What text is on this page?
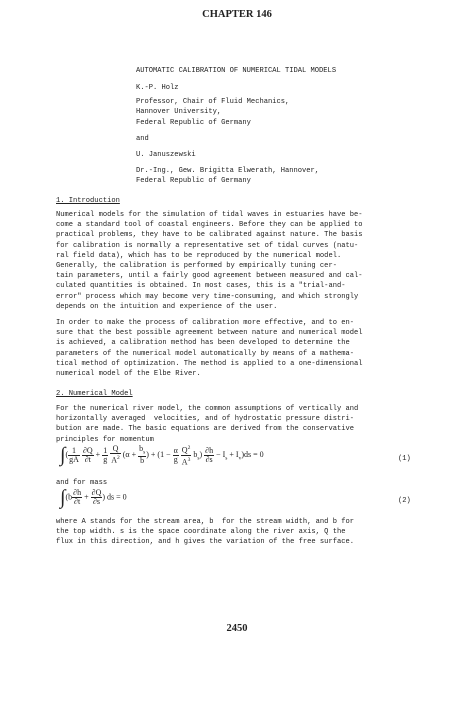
CHAPTER 146
AUTOMATIC CALIBRATION OF NUMERICAL TIDAL MODELS
K.-P. Holz
Professor, Chair of Fluid Mechanics,
Hannover University,
Federal Republic of Germany
and
U. Januszewski
Dr.-Ing., Gew. Brigitta Elwerath, Hannover,
Federal Republic of Germany
1. Introduction
Numerical models for the simulation of tidal waves in estuaries have be-
come a standard tool of coastal engineers. Before they can be applied to
practical problems, they have to be calibrated against nature. The basis
for calibration is normally a representative set of tidal curves (natu-
ral field data), which has to be reproduced by the numerical model.
Generally, the calibration is performed by empirically tuning cer-
tain parameters, until a fairly good agreement between measured and cal-
culated quantities is obtained. In most cases, this is a "trial-and-
error" process which may become very time-consuming, and which strongly
depends on the intuition and experience of the user.
In order to make the process of calibration more effective, and to en-
sure that the best possible agreement between nature and numerical model
is achieved, a calibration method has been developed to determine the
parameters of the numerical model automatically by means of a mathema-
tical method of optimization. The method is applied to a one-dimensional
numerical model of the Elbe River.
2. Numerical Model
For the numerical river model, the common assumptions of vertically and
horizontally averaged  velocities, and of hydrostatic pressure distri-
bution are made. The basic equations are derived from the conservative
principles for momentum
∫( $\frac{1}{gA}$
$\frac{\partial Q}{\partial t} + \frac{1}{g}$
$\frac{Q}{A^2} (\alpha + \frac{b_s}{b}$ ) + ($1 - \frac{\alpha}{g}$
$\frac{Q^2}{A^3} b_s) \frac{\partial h}{\partial s} - I_s + I_v)ds = 0$	(1)
and for mass
$\int(b \frac{\partial h}{\partial t} + \frac{\partial Q}{\partial s}$ ) ds = 0	(2)
where A stands for the stream area, b  for the stream width, and b for
the top width. s is the space coordinate along the river axis, Q the
flux in this direction, and h gives the variation of the free surface.
2450
